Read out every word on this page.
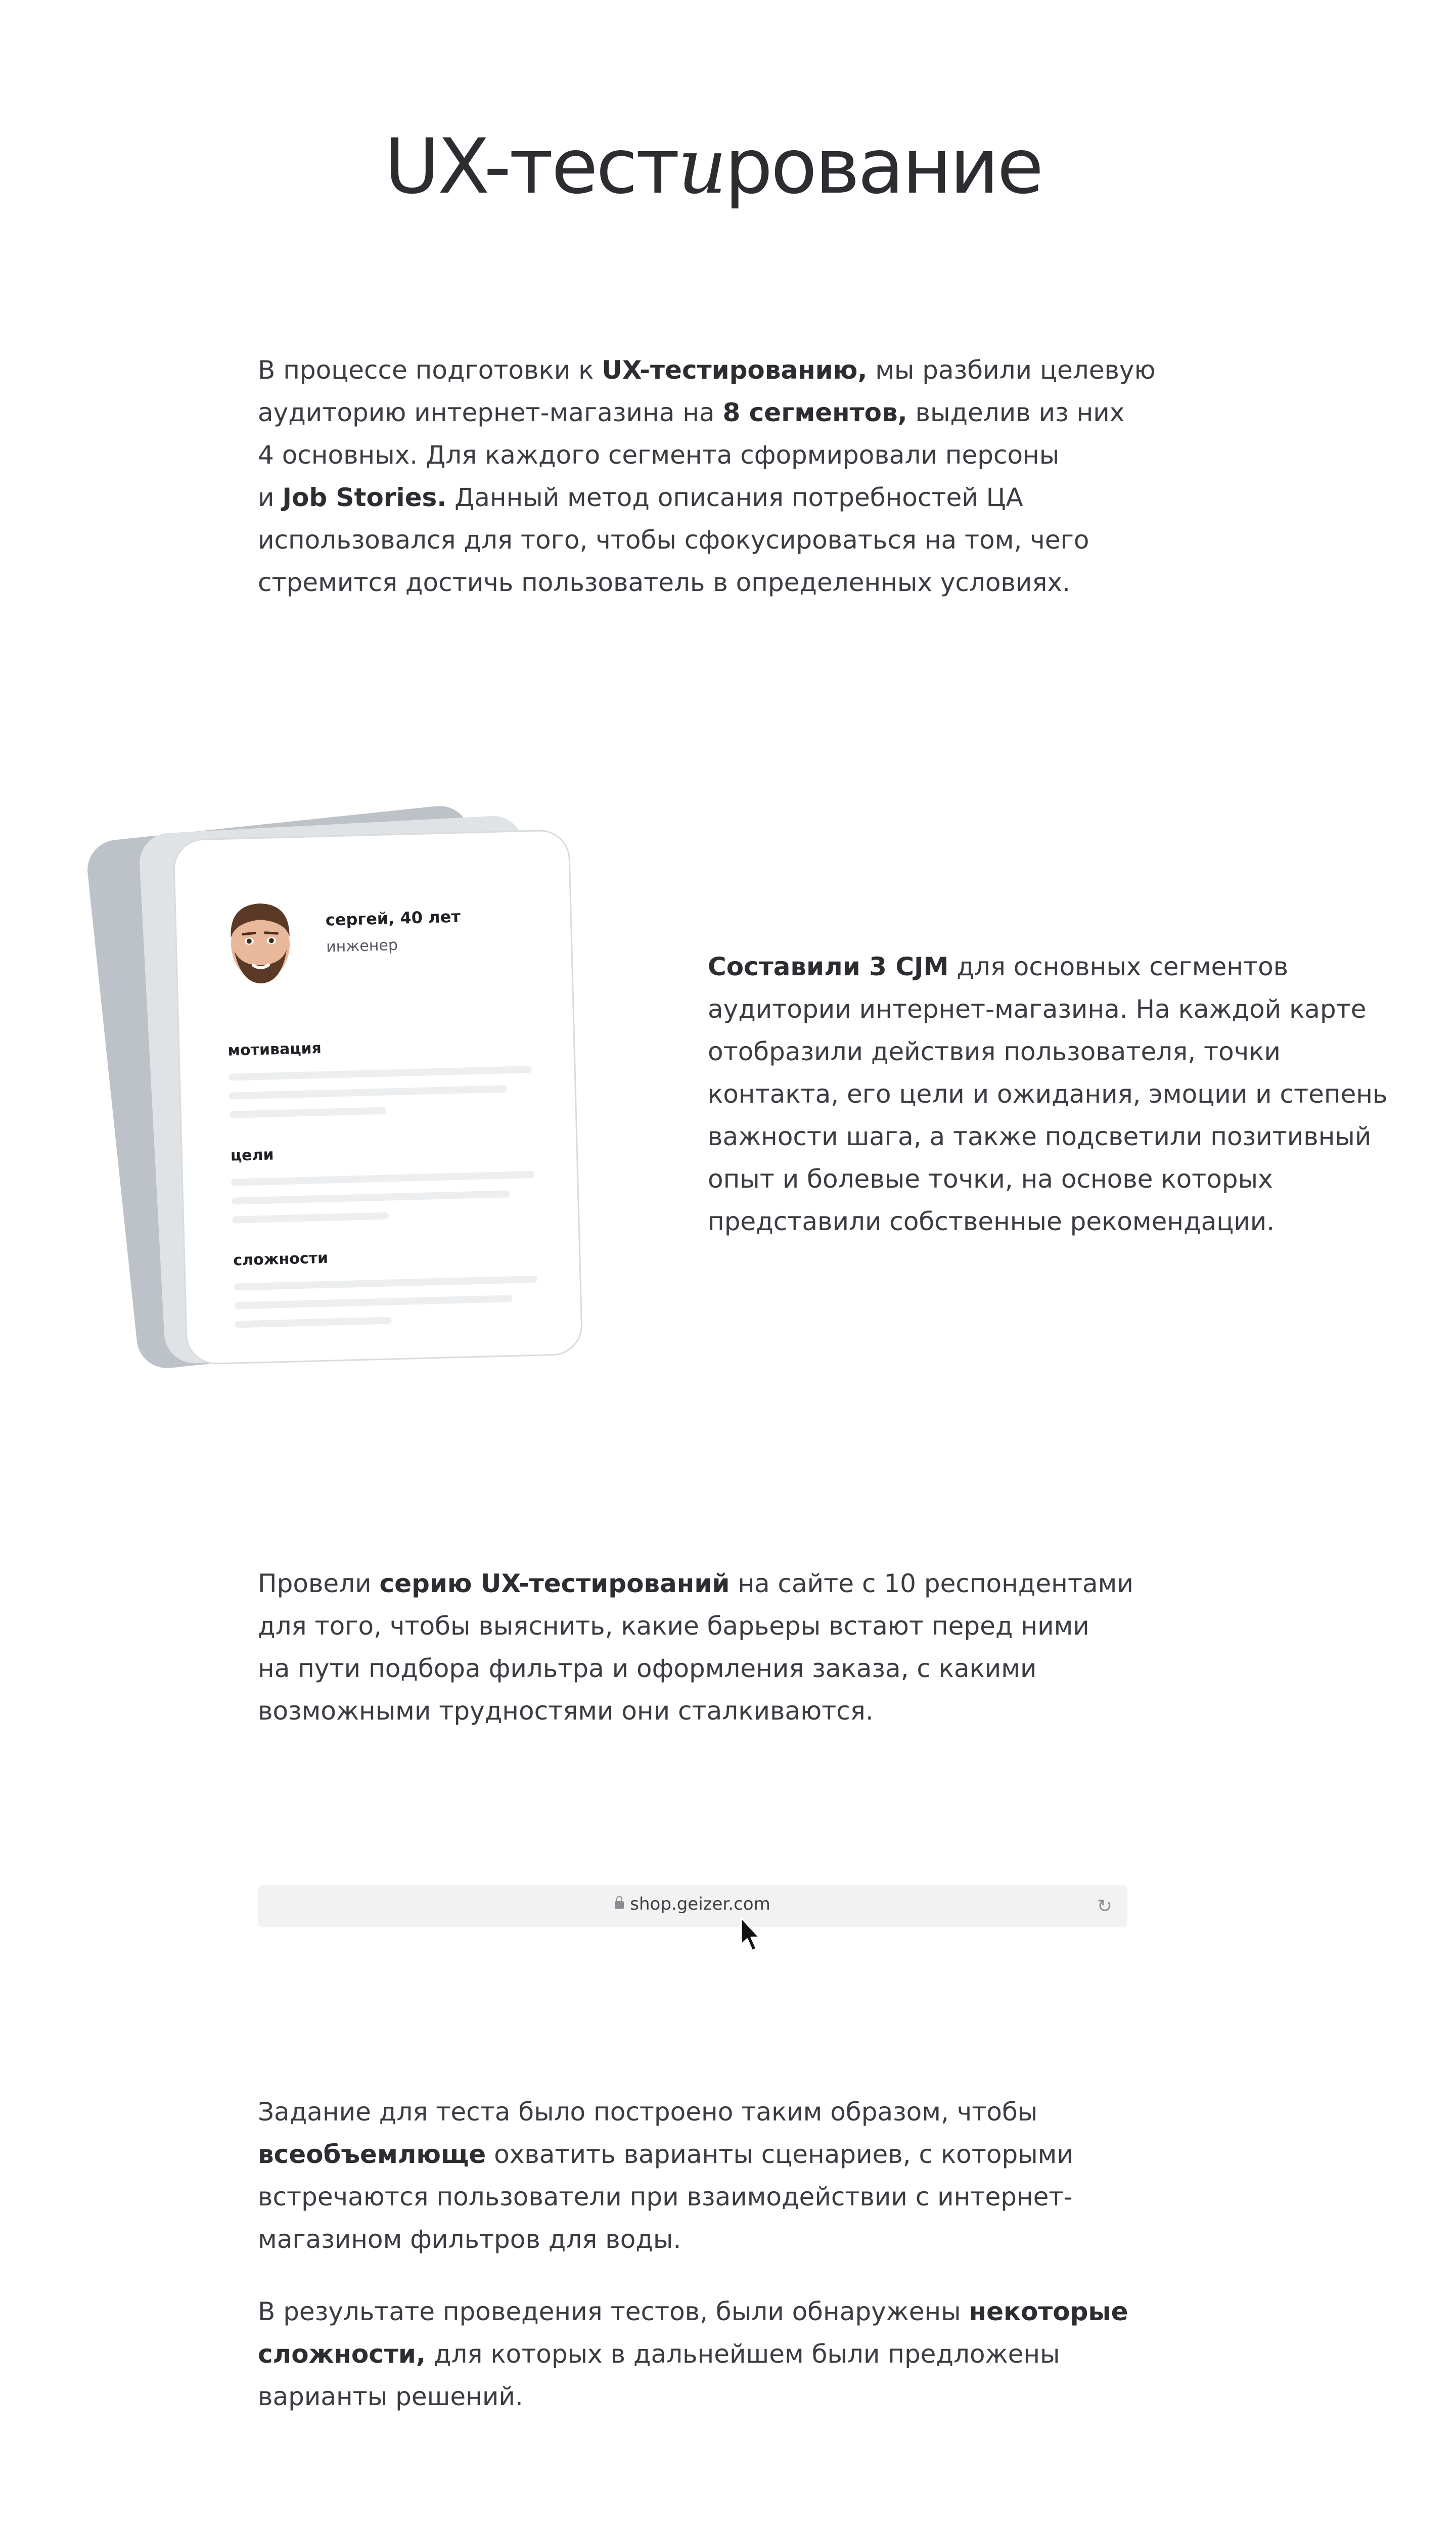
UX-тестирование
В процессе подготовки к UX-тестированию, мы разбили целевую
аудиторию интернет-магазина на 8 сегментов, выделив из них
4 основных. Для каждого сегмента сформировали персоны
и Job Stories. Данный метод описания потребностей ЦА
использовался для того, чтобы сфокусироваться на том, чего
стремится достичь пользователь в определенных условиях.
сергей, 40 лет
инженер
мотивация
цели
сложности
Составили 3 CJM для основных сегментов
аудитории интернет-магазина. На каждой карте
отобразили действия пользователя, точки
контакта, его цели и ожидания, эмоции и степень
важности шага, а также подсветили позитивный
опыт и болевые точки, на основе которых
представили собственные рекомендации.
Провели серию UX-тестирований на сайте с 10 респондентами
для того, чтобы выяснить, какие барьеры встают перед ними
на пути подбора фильтра и оформления заказа, с какими
возможными трудностями они сталкиваются.
shop.geizer.com	↻
Задание для теста было построено таким образом, чтобы
всеобъемлюще охватить варианты сценариев, с которыми
встречаются пользователи при взаимодействии с интернет-
магазином фильтров для воды.
В результате проведения тестов, были обнаружены некоторые
сложности, для которых в дальнейшем были предложены
варианты решений.
